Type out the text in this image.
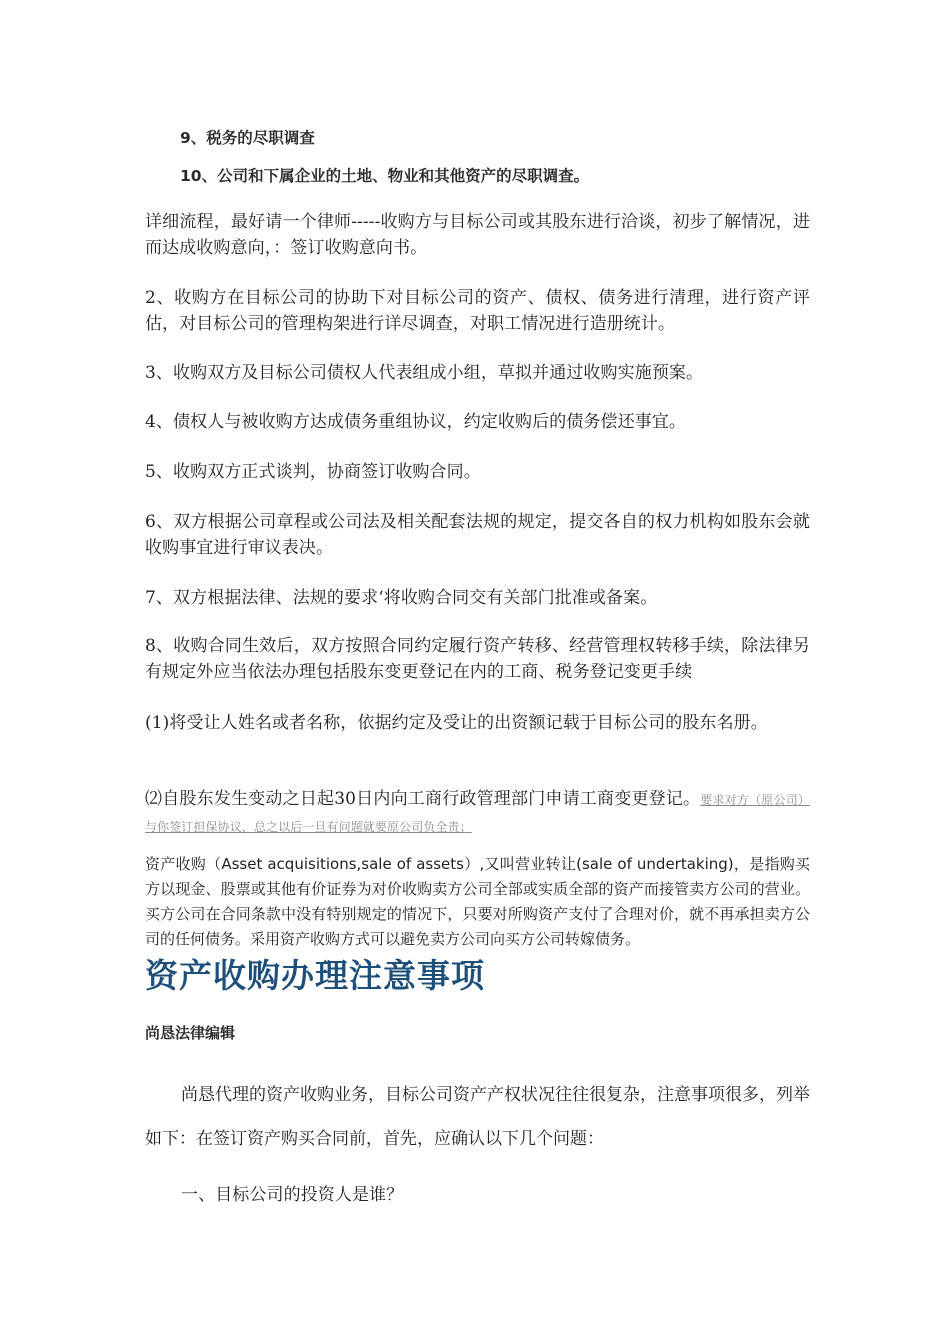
9、税务的尽职调查

10、公司和下属企业的土地、物业和其他资产的尽职调查。

详细流程，最好请一个律师-----收购方与目标公司或其股东进行洽谈，初步了解情况，进而达成收购意向，：签订收购意向书。

2、收购方在目标公司的协助下对目标公司的资产、债权、债务进行清理，进行资产评估，对目标公司的管理构架进行详尽调查，对职工情况进行造册统计。

3、收购双方及目标公司债权人代表组成小组，草拟并通过收购实施预案。

4、债权人与被收购方达成债务重组协议，约定收购后的债务偿还事宜。

5、收购双方正式谈判，协商签订收购合同。

6、双方根据公司章程或公司法及相关配套法规的规定，提交各自的权力机构如股东会就收购事宜进行审议表决。

7、双方根据法律、法规的要求‘将收购合同交有关部门批准或备案。

8、收购合同生效后，双方按照合同约定履行资产转移、经营管理权转移手续，除法律另有规定外应当依法办理包括股东变更登记在内的工商、税务登记变更手续

(1)将受让人姓名或者名称，依据约定及受让的出资额记载于目标公司的股东名册。

⑵自股东发生变动之日起30日内向工商行政管理部门申请工商变更登记。要求对方（原公司）与你签订担保协议，总之以后一旦有问题就要原公司负全责；

资产收购（Asset acquisitions,sale of assets）,又叫营业转让(sale of undertaking)，是指购买方以现金、股票或其他有价证券为对价收购卖方公司全部或实质全部的资产而接管卖方公司的营业。买方公司在合同条款中没有特别规定的情况下，只要对所购资产支付了合理对价，就不再承担卖方公司的任何债务。采用资产收购方式可以避免卖方公司向买方公司转嫁债务。

资产收购办理注意事项

尚恳法律编辑

尚恳代理的资产收购业务，目标公司资产产权状况往往很复杂，注意事项很多，列举如下：在签订资产购买合同前，首先，应确认以下几个问题：

一、目标公司的投资人是谁？
